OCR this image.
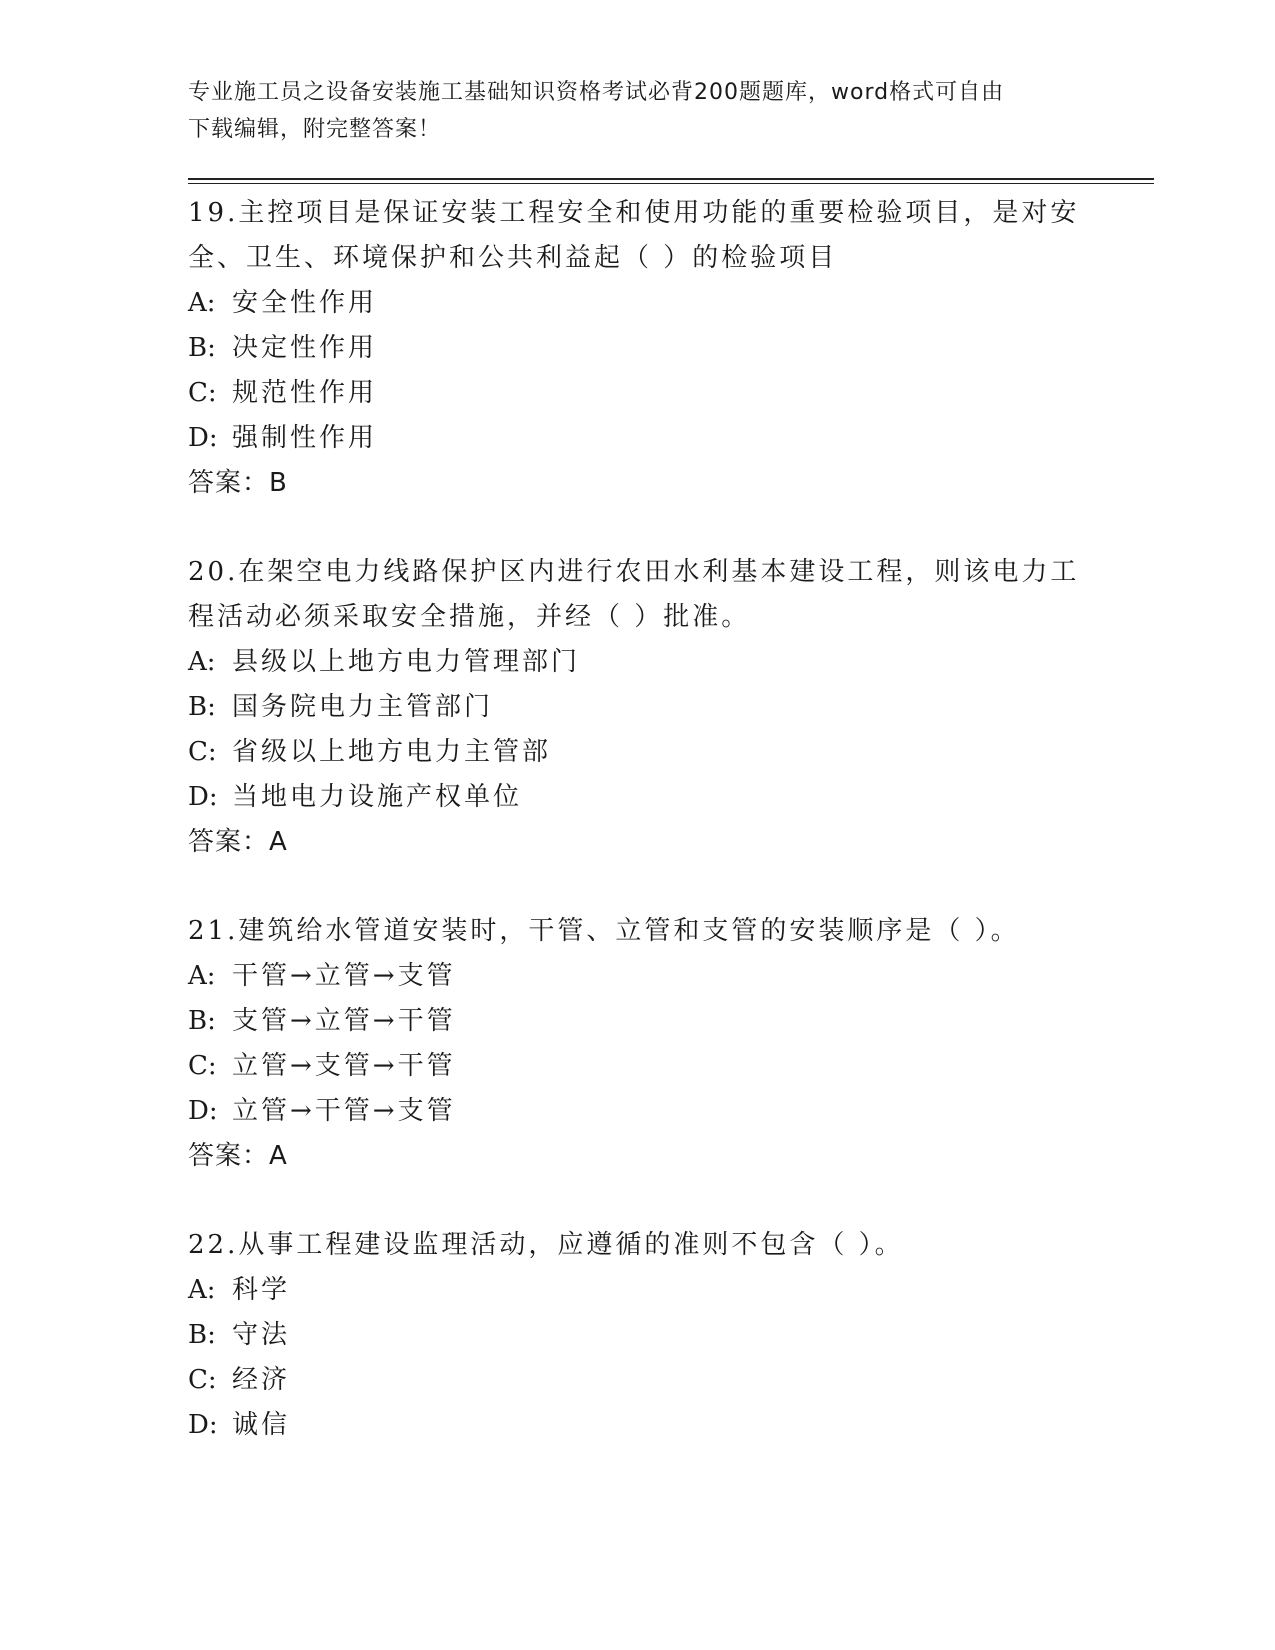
专业施工员之设备安装施工基础知识资格考试必背200题题库，word格式可自由
下载编辑，附完整答案！
19.主控项目是保证安装工程安全和使用功能的重要检验项目，是对安
全、卫生、环境保护和公共利益起（ ）的检验项目
A: 安全性作用
B: 决定性作用
C: 规范性作用
D: 强制性作用
答案：B
20.在架空电力线路保护区内进行农田水利基本建设工程，则该电力工
程活动必须采取安全措施，并经（ ）批准。
A: 县级以上地方电力管理部门
B: 国务院电力主管部门
C: 省级以上地方电力主管部
D: 当地电力设施产权单位
答案：A
21.建筑给水管道安装时，干管、立管和支管的安装顺序是（ ）。
A: 干管→立管→支管
B: 支管→立管→干管
C: 立管→支管→干管
D: 立管→干管→支管
答案：A
22.从事工程建设监理活动，应遵循的准则不包含（ ）。
A: 科学
B: 守法
C: 经济
D: 诚信
